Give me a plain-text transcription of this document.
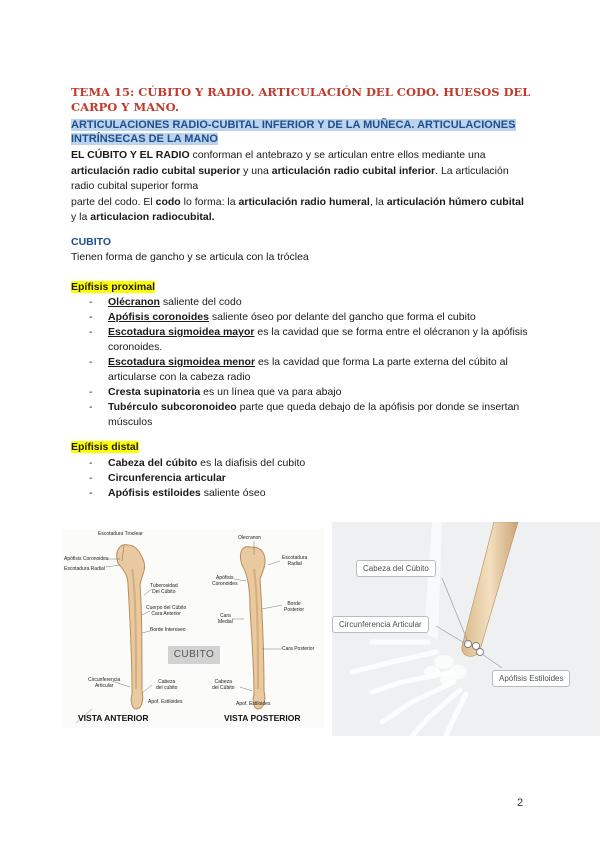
TEMA 15: CÚBITO Y RADIO. ARTICULACIÓN DEL CODO. HUESOS DEL CARPO Y MANO.
ARTICULACIONES RADIO-CUBITAL INFERIOR Y DE LA MUÑECA. ARTICULACIONES INTRÍNSECAS DE LA MANO
EL CÚBITO Y EL RADIO conforman el antebrazo y se articulan entre ellos mediante una articulación radio cubital superior y una articulación radio cubital inferior. La articulación radio cubital superior forma
parte del codo. El codo lo forma: la articulación radio humeral, la articulación húmero cubital y la articulacion radiocubital.
CUBITO
Tienen forma de gancho y se articula con la tróclea
Epífisis proximal
- Olécranon saliente del codo
- Apófisis coronoides saliente óseo por delante del gancho que forma el cubito
- Escotadura sigmoidea mayor es la cavidad que se forma entre el olécranon y la apófisis coronoides.
- Escotadura sigmoidea menor es la cavidad que forma La parte externa del cúbito al articularse con la cabeza radio
- Cresta supinatoria es un línea que va para abajo
- Tubérculo subcoronoideo parte que queda debajo de la apófisis por donde se insertan músculos
Epífisis distal
- Cabeza del cúbito es la diafisis del cubito
- Circunferencia articular
- Apófisis estiloides saliente óseo
Escotadura Troclear
Apófisis Coronoides
Escotadura Radial
Tuberosidad
Del Cúbito
Cuerpo del Cúbito
Cara Anterior
Borde Interoseo
Circunferencia
Articular
Cabeza
del cubito
Apof. Estiloides
Olecranon
Escotadura
Radial
Apófisis
Coronoides
Borde
Posterior
Cara
Medial
Cara Posterior
Cabeza
del Cúbito
Apof. Estiloides
VISTA ANTERIOR	VISTA POSTERIOR
CUBITO
Cabeza del Cúbito
Circunferencia Articular
Apófisis Estiloides
2
